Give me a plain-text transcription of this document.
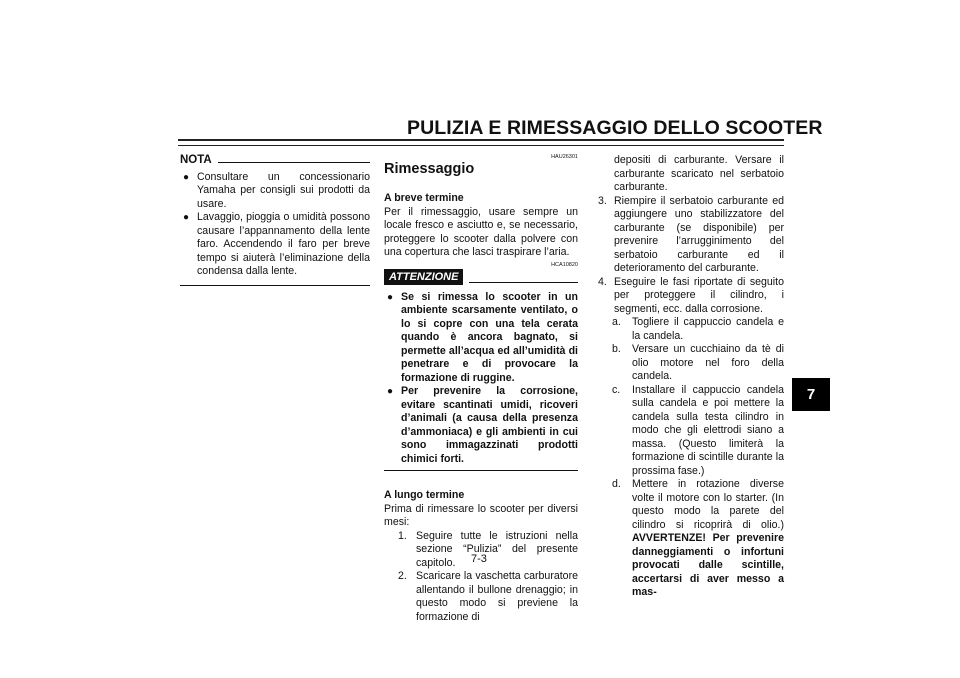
PULIZIA E RIMESSAGGIO DELLO SCOOTER
NOTA
● Consultare un concessionario Yamaha per consigli sui prodotti da usare.

● Lavaggio, pioggia o umidità possono causare l’appannamento della lente faro. Accendendo il faro per breve tempo si aiuterà l’eliminazione della condensa dalla lente.

HAU26301
Rimessaggio

A breve termine

Per il rimessaggio, usare sempre un locale fresco e asciutto e, se necessario, proteggere lo scooter dalla polvere con una copertura che lasci traspirare l’aria.

HCA10820
ATTENZIONE
● Se si rimessa lo scooter in un ambiente scarsamente ventilato, o lo si copre con una tela cerata quando è ancora bagnato, si permette all’acqua ed all’umidità di penetrare e di provocare la formazione di ruggine.

● Per prevenire la corrosione, evitare scantinati umidi, ricoveri d’animali (a causa della presenza d’ammoniaca) e gli ambienti in cui sono immagazzinati prodotti chimici forti.

A lungo termine

Prima di rimessare lo scooter per diversi mesi:

1. Seguire tutte le istruzioni nella sezione “Pulizia” del presente capitolo.

2. Scaricare la vaschetta carburatore allentando il bullone drenaggio; in questo modo si previene la formazione di

depositi di carburante. Versare il carburante scaricato nel serbatoio carburante.

3. Riempire il serbatoio carburante ed aggiungere uno stabilizzatore del carburante (se disponibile) per prevenire l’arrugginimento del serbatoio carburante ed il deterioramento del carburante.

4. Eseguire le fasi riportate di seguito per proteggere il cilindro, i segmenti, ecc. dalla corrosione.

a. Togliere il cappuccio candela e la candela.

b. Versare un cucchiaino da tè di olio motore nel foro della candela.

c. Installare il cappuccio candela sulla candela e poi mettere la candela sulla testa cilindro in modo che gli elettrodi siano a massa. (Questo limiterà la formazione di scintille durante la prossima fase.)

d. Mettere in rotazione diverse volte il motore con lo starter. (In questo modo la parete del cilindro si ricoprirà di olio.) AVVERTENZE! Per prevenire danneggiamenti o infortuni provocati dalle scintille, accertarsi di aver messo a mas-

7
7-3
